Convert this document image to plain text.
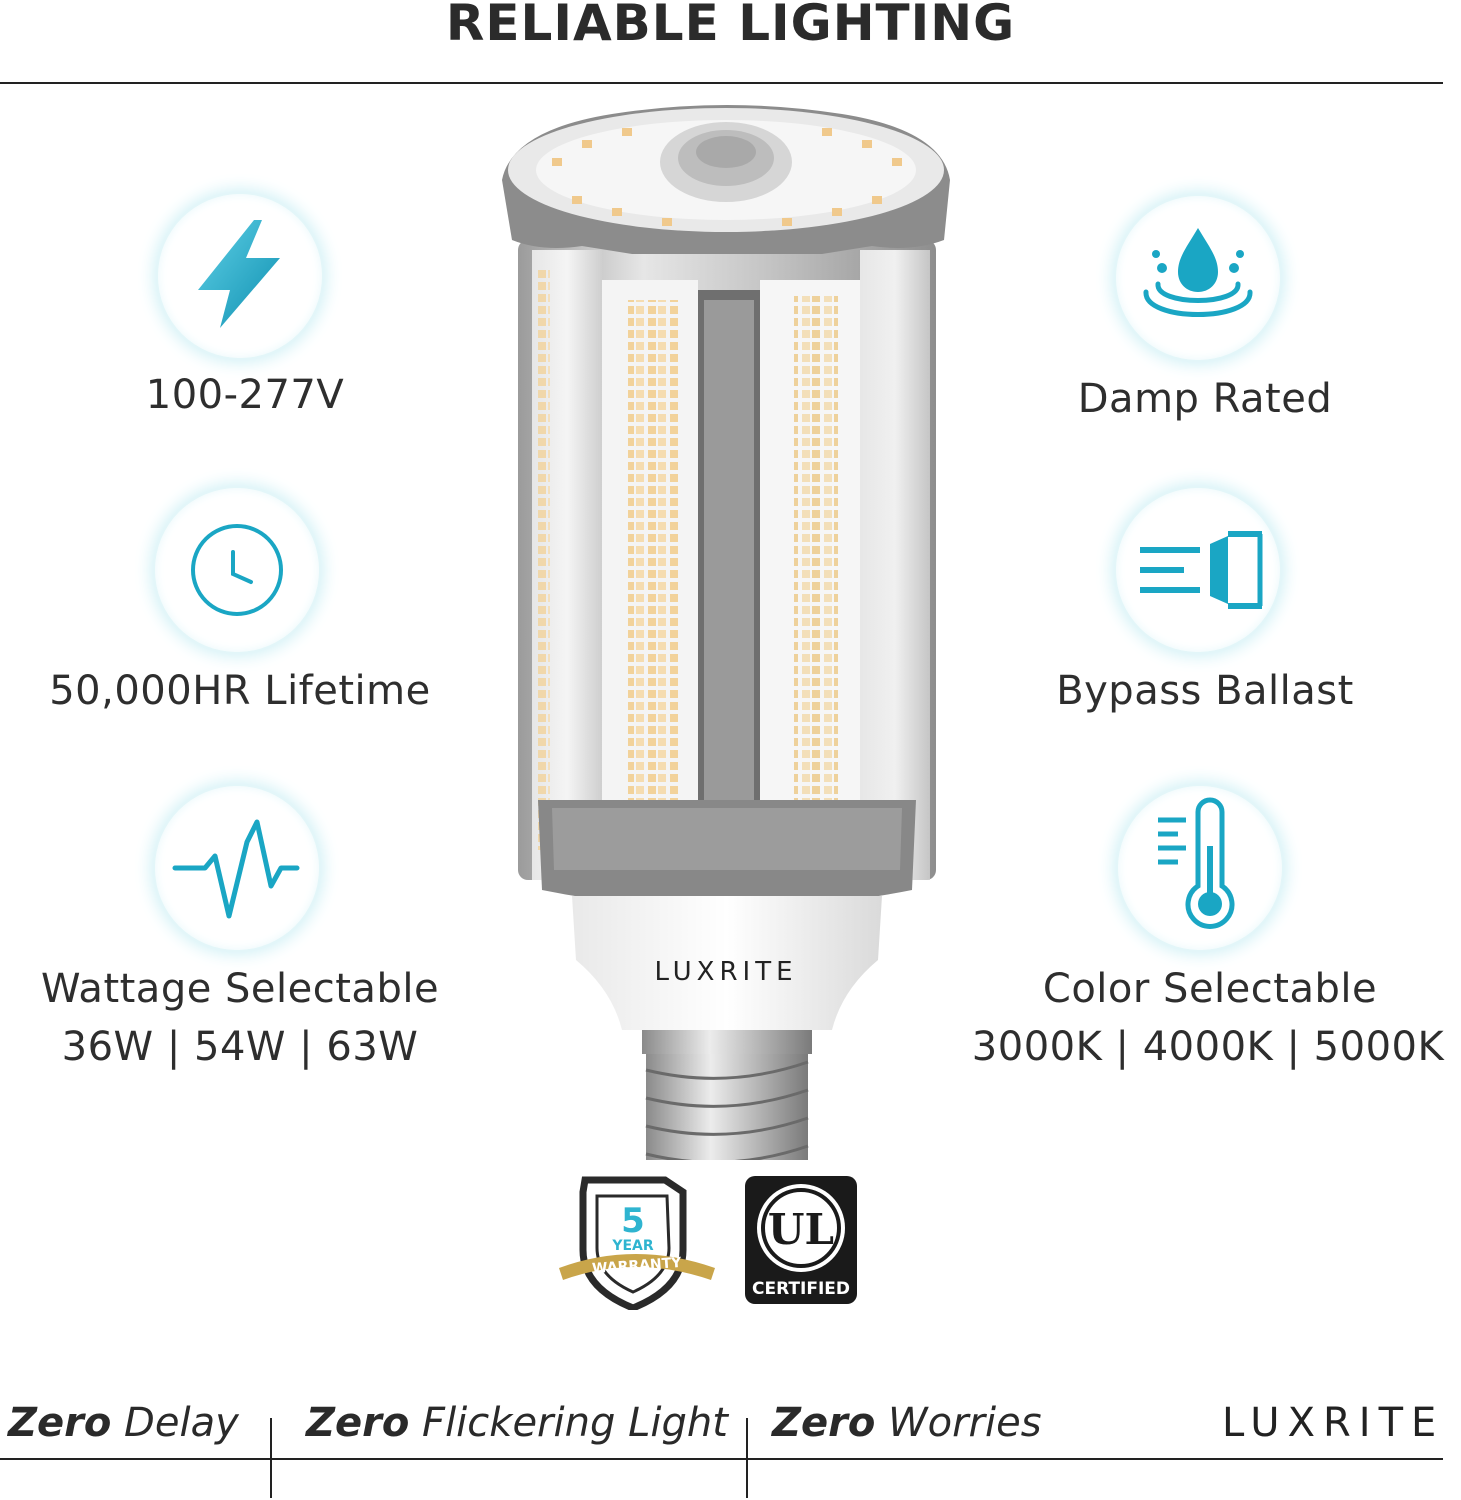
RELIABLE LIGHTING
100-277V
50,000HR Lifetime
Wattage Selectable
36W | 54W | 63W
Damp Rated
Bypass Ballast
Color Selectable
3000K | 4000K | 5000K
LUXRITE
5
YEAR
WARRANTY
UL
CERTIFIED
Zero Delay Zero Flickering Light Zero Worries	LUXRITE
